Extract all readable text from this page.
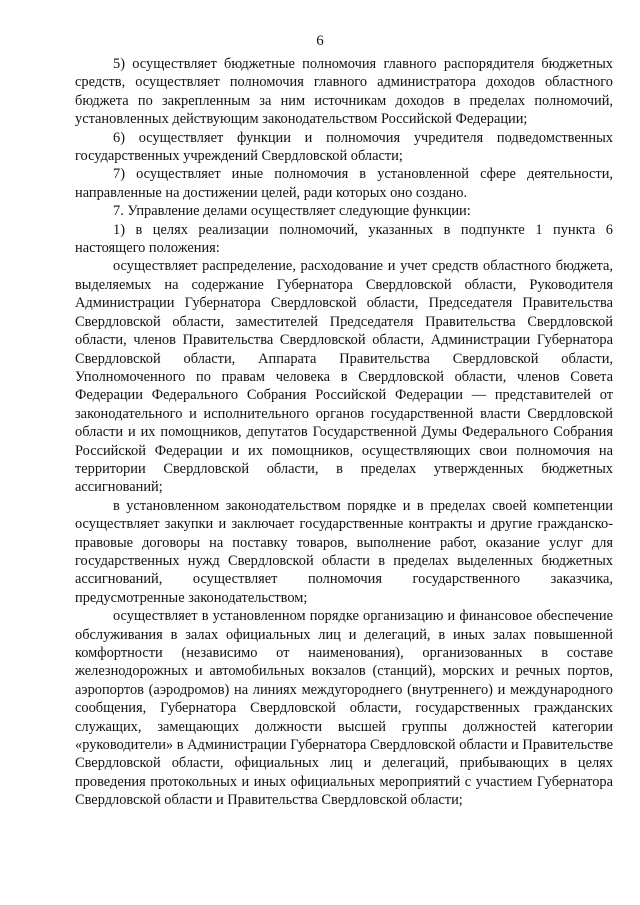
6

5) осуществляет бюджетные полномочия главного распорядителя бюджетных средств, осуществляет полномочия главного администратора доходов областного бюджета по закрепленным за ним источникам доходов в пределах полномочий, установленных действующим законодательством Российской Федерации;

6) осуществляет функции и полномочия учредителя подведомственных государственных учреждений Свердловской области;

7) осуществляет иные полномочия в установленной сфере деятельности, направленные на достижении целей, ради которых оно создано.

7. Управление делами осуществляет следующие функции:

1) в целях реализации полномочий, указанных в подпункте 1 пункта 6 настоящего положения:

осуществляет распределение, расходование и учет средств областного бюджета, выделяемых на содержание Губернатора Свердловской области, Руководителя Администрации Губернатора Свердловской области, Председателя Правительства Свердловской области, заместителей Председателя Правительства Свердловской области, членов Правительства Свердловской области, Администрации Губернатора Свердловской области, Аппарата Правительства Свердловской области, Уполномоченного по правам человека в Свердловской области, членов Совета Федерации Федерального Собрания Российской Федерации — представителей от законодательного и исполнительного органов государственной власти Свердловской области и их помощников, депутатов Государственной Думы Федерального Собрания Российской Федерации и их помощников, осуществляющих свои полномочия на территории Свердловской области, в пределах утвержденных бюджетных ассигнований;

в установленном законодательством порядке и в пределах своей компетенции осуществляет закупки и заключает государственные контракты и другие гражданско-правовые договоры на поставку товаров, выполнение работ, оказание услуг для государственных нужд Свердловской области в пределах выделенных бюджетных ассигнований, осуществляет полномочия государственного заказчика, предусмотренные законодательством;

осуществляет в установленном порядке организацию и финансовое обеспечение обслуживания в залах официальных лиц и делегаций, в иных залах повышенной комфортности (независимо от наименования), организованных в составе железнодорожных и автомобильных вокзалов (станций), морских и речных портов, аэропортов (аэродромов) на линиях междугороднего (внутреннего) и международного сообщения, Губернатора Свердловской области, государственных гражданских служащих, замещающих должности высшей группы должностей категории «руководители» в Администрации Губернатора Свердловской области и Правительстве Свердловской области, официальных лиц и делегаций, прибывающих в целях проведения протокольных и иных официальных мероприятий с участием Губернатора Свердловской области и Правительства Свердловской области;
